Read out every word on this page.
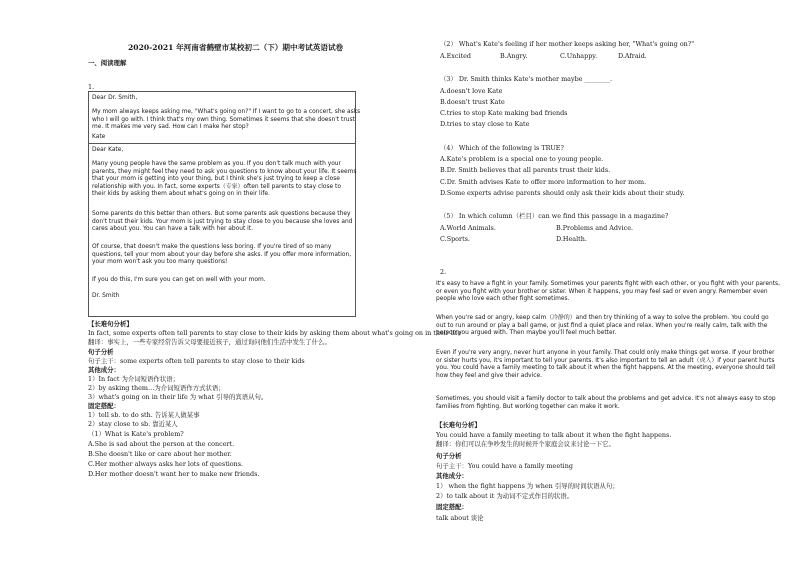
2020-2021 年河南省鹤壁市某校初二（下）期中考试英语试卷
一、阅读理解
1.
Dear Dr. Smith,
My mom always keeps asking me, "What's going on?" If I want to go to a concert, she asks
who I will go with. I think that's my own thing. Sometimes it seems that she doesn't trust
me. It makes me very sad. How can I make her stop?
Kate
Dear Kate,
Many young people have the same problem as you. If you don't talk much with your
parents, they might feel they need to ask you questions to know about your life. It seems
that your mom is getting into your thing, but I think she's just trying to keep a close
relationship with you. In fact, some experts（专家）often tell parents to stay close to
their kids by asking them about what's going on in their life.
Some parents do this better than others. But some parents ask questions because they
don't trust their kids. Your mom is just trying to stay close to you because she loves and
cares about you. You can have a talk with her about it.
Of course, that doesn't make the questions less boring. If you're tired of so many
questions, tell your mom about your day before she asks. If you offer more information,
your mom won't ask you too many questions!
If you do this, I'm sure you can get on well with your mom.
Dr. Smith
【长难句分析】
In fact, some experts often tell parents to stay close to their kids by asking them about what's going on in their life
翻译：事实上，一些专家经常告诉父母要接近孩子，通过询问他们生活中发生了什么。
句子分析
句子主干：some experts often tell parents to stay close to their kids
其他成分：
1）In fact 为介词短语作状语；
2）by asking them…为介词短语作方式状语；
3）what's going on in their life 为 what 引导的宾语从句。
固定搭配：
1）tell sb. to do sth. 告诉某人做某事
2）stay close to sb. 靠近某人
（1）What is Kate's problem?
A.She is sad about the person at the concert.
B.She doesn't like or care about her mother.
C.Her mother always asks her lots of questions.
D.Her mother doesn't want her to make new friends.
（2） What's Kate's feeling if her mother keeps asking her, "What's going on?"
A.Excited	B.Angry.	C.Unhappy.	D.Afraid.
（3） Dr. Smith thinks Kate's mother maybe ________.
A.doesn't love Kate
B.doesn't trust Kate
C.tries to stop Kate making bad friends
D.tries to stay close to Kate
（4） Which of the following is TRUE?
A.Kate's problem is a special one to young people.
B.Dr. Smith believes that all parents trust their kids.
C.Dr. Smith advises Kate to offer more information to her mom.
D.Some experts advise parents should only ask their kids about their study.
（5） In which column（栏目）can we find this passage in a magazine?
A.World Animals.	B.Problems and Advice.
C.Sports.	D.Health.
2.
It's easy to have a fight in your family. Sometimes your parents fight with each other, or you fight with your parents,
or even you fight with your brother or sister. When it happens, you may feel sad or even angry. Remember even
people who love each other fight sometimes.
When you're sad or angry, keep calm（冷静的）and then try thinking of a way to solve the problem. You could go
out to run around or play a ball game, or just find a quiet place and relax. When you're really calm, talk with the
person you argued with. Then maybe you'll feel much better.
Even if you're very angry, never hurt anyone in your family. That could only make things get worse. If your brother
or sister hurts you, it's important to tell your parents. It's also important to tell an adult（成人）if your parent hurts
you. You could have a family meeting to talk about it when the fight happens. At the meeting, everyone should tell
how they feel and give their advice.
Sometimes, you should visit a family doctor to talk about the problems and get advice. It's not always easy to stop
families from fighting. But working together can make it work.
【长难句分析】
You could have a family meeting to talk about it when the fight happens.
翻译：你们可以在争吵发生的时候开个家庭会议来讨论一下它。
句子分析
句子主干：You could have a family meeting
其他成分：
1） when the fight happens 为 when 引导的时间状语从句；
2）to talk about it 为动词不定式作目的状语。
固定搭配：
talk about 谈论
